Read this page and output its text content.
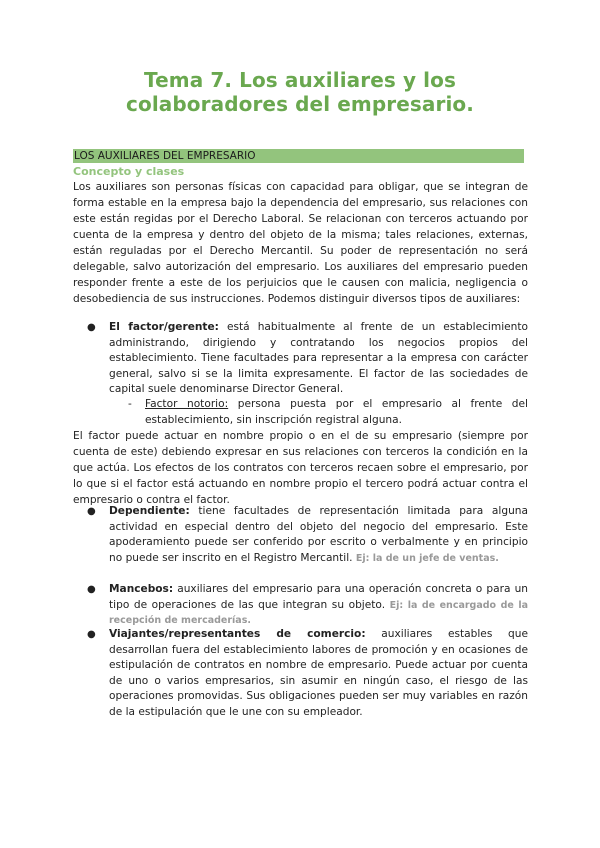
Tema 7. Los auxiliares y los colaboradores del empresario.
LOS AUXILIARES DEL EMPRESARIO
Concepto y clases
Los auxiliares son personas físicas con capacidad para obligar, que se integran de forma estable en la empresa bajo la dependencia del empresario, sus relaciones con este están regidas por el Derecho Laboral. Se relacionan con terceros actuando por cuenta de la empresa y dentro del objeto de la misma; tales relaciones, externas, están reguladas por el Derecho Mercantil. Su poder de representación no será delegable, salvo autorización del empresario. Los auxiliares del empresario pueden responder frente a este de los perjuicios que le causen con malicia, negligencia o desobediencia de sus instrucciones. Podemos distinguir diversos tipos de auxiliares:
● El factor/gerente: está habitualmente al frente de un establecimiento administrando, dirigiendo y contratando los negocios propios del establecimiento. Tiene facultades para representar a la empresa con carácter general, salvo si se la limita expresamente. El factor de las sociedades de capital suele denominarse Director General.
- Factor notorio: persona puesta por el empresario al frente del establecimiento, sin inscripción registral alguna.
El factor puede actuar en nombre propio o en el de su empresario (siempre por cuenta de este) debiendo expresar en sus relaciones con terceros la condición en la que actúa. Los efectos de los contratos con terceros recaen sobre el empresario, por lo que si el factor está actuando en nombre propio el tercero podrá actuar contra el empresario o contra el factor.
● Dependiente: tiene facultades de representación limitada para alguna actividad en especial dentro del objeto del negocio del empresario. Este apoderamiento puede ser conferido por escrito o verbalmente y en principio no puede ser inscrito en el Registro Mercantil. Ej: la de un jefe de ventas.
● Mancebos: auxiliares del empresario para una operación concreta o para un tipo de operaciones de las que integran su objeto. Ej: la de encargado de la recepción de mercaderías.
● Viajantes/representantes de comercio: auxiliares estables que desarrollan fuera del establecimiento labores de promoción y en ocasiones de estipulación de contratos en nombre de empresario. Puede actuar por cuenta de uno o varios empresarios, sin asumir en ningún caso, el riesgo de las operaciones promovidas. Sus obligaciones pueden ser muy variables en razón de la estipulación que le une con su empleador.
